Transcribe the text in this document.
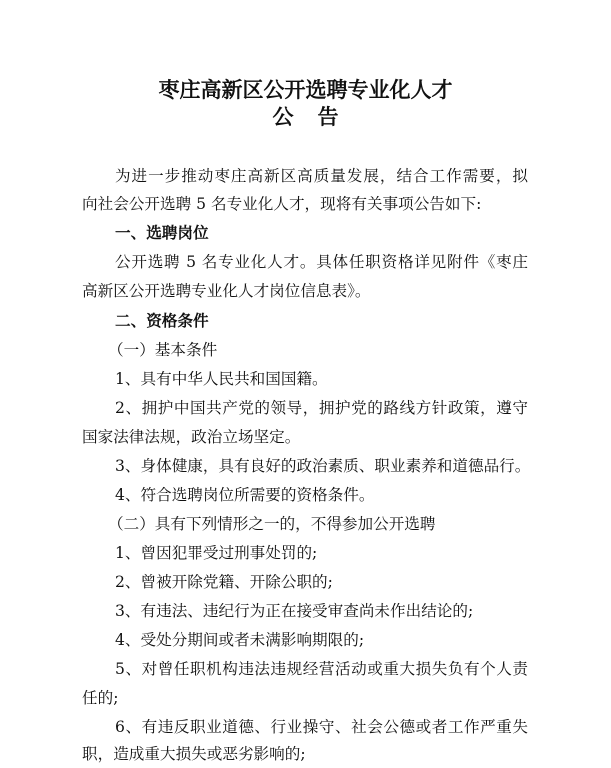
枣庄高新区公开选聘专业化人才
公告

为进一步推动枣庄高新区高质量发展，结合工作需要，拟

向社会公开选聘 5 名专业化人才，现将有关事项公告如下:

一、选聘岗位

公开选聘 5 名专业化人才。具体任职资格详见附件《枣庄

高新区公开选聘专业化人才岗位信息表》。

二、资格条件

（一）基本条件

1、具有中华人民共和国国籍。

2、拥护中国共产党的领导，拥护党的路线方针政策，遵守

国家法律法规，政治立场坚定。

3、身体健康，具有良好的政治素质、职业素养和道德品行。

4、符合选聘岗位所需要的资格条件。

（二）具有下列情形之一的，不得参加公开选聘

1、曾因犯罪受过刑事处罚的;

2、曾被开除党籍、开除公职的;

3、有违法、违纪行为正在接受审查尚未作出结论的;

4、受处分期间或者未满影响期限的;

5、对曾任职机构违法违规经营活动或重大损失负有个人责

任的;

6、有违反职业道德、行业操守、社会公德或者工作严重失

职，造成重大损失或恶劣影响的;
